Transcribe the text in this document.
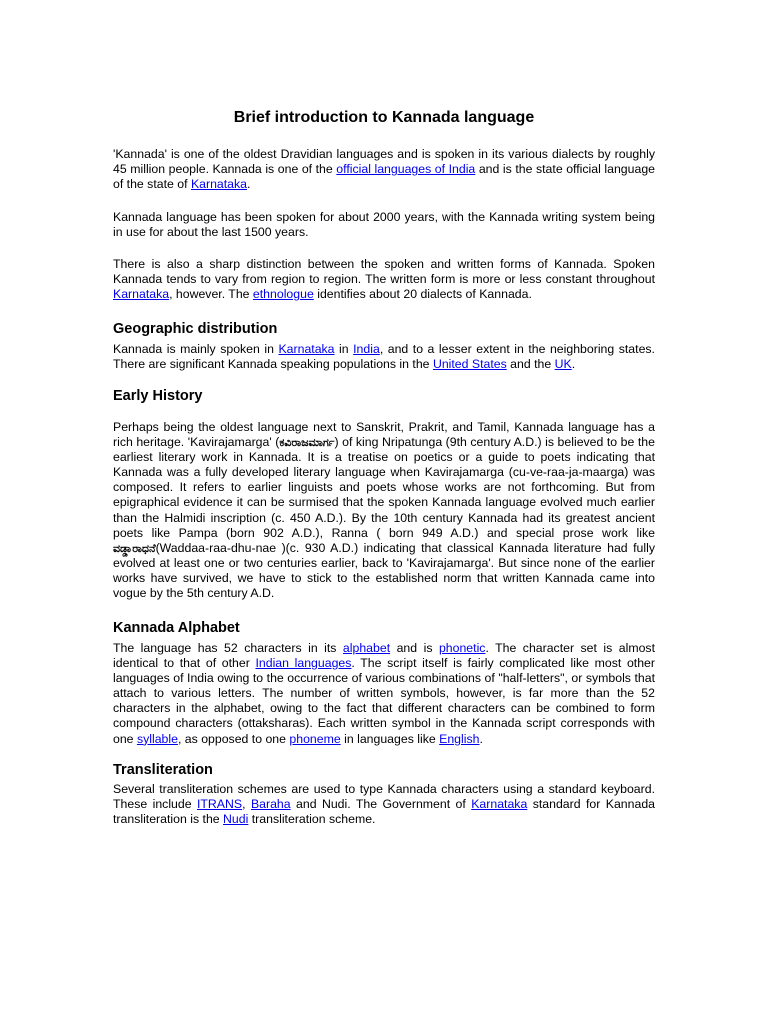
Brief introduction to Kannada language

'Kannada' is one of the oldest Dravidian languages and is spoken in its various dialects by roughly 45 million people. Kannada is one of the official languages of India and is the state official language of the state of Karnataka.

Kannada language has been spoken for about 2000 years, with the Kannada writing system being in use for about the last 1500 years.

There is also a sharp distinction between the spoken and written forms of Kannada. Spoken Kannada tends to vary from region to region. The written form is more or less constant throughout Karnataka, however. The ethnologue identifies about 20 dialects of Kannada.

Geographic distribution

Kannada is mainly spoken in Karnataka in India, and to a lesser extent in the neighboring states. There are significant Kannada speaking populations in the United States and the UK.

Early History

Perhaps being the oldest language next to Sanskrit, Prakrit, and Tamil, Kannada language has a rich heritage. 'Kavirajamarga' (ಕವಿರಾಜಮಾರ್ಗ) of king Nripatunga (9th century A.D.) is believed to be the earliest literary work in Kannada. It is a treatise on poetics or a guide to poets indicating that Kannada was a fully developed literary language when Kavirajamarga (cu-ve-raa-ja-maarga) was composed. It refers to earlier linguists and poets whose works are not forthcoming. But from epigraphical evidence it can be surmised that the spoken Kannada language evolved much earlier than the Halmidi inscription (c. 450 A.D.). By the 10th century Kannada had its greatest ancient poets like Pampa (born 902 A.D.), Ranna ( born 949 A.D.) and special prose work like ವಡ್ಡಾರಾಧನೆ(Waddaa-raa-dhu-nae )(c. 930 A.D.) indicating that classical Kannada literature had fully evolved at least one or two centuries earlier, back to 'Kavirajamarga'. But since none of the earlier works have survived, we have to stick to the established norm that written Kannada came into vogue by the 5th century A.D.

Kannada Alphabet

The language has 52 characters in its alphabet and is phonetic. The character set is almost identical to that of other Indian languages. The script itself is fairly complicated like most other languages of India owing to the occurrence of various combinations of "half-letters", or symbols that attach to various letters. The number of written symbols, however, is far more than the 52 characters in the alphabet, owing to the fact that different characters can be combined to form compound characters (ottaksharas). Each written symbol in the Kannada script corresponds with one syllable, as opposed to one phoneme in languages like English.

Transliteration

Several transliteration schemes are used to type Kannada characters using a standard keyboard. These include ITRANS, Baraha and Nudi. The Government of Karnataka standard for Kannada transliteration is the Nudi transliteration scheme.
